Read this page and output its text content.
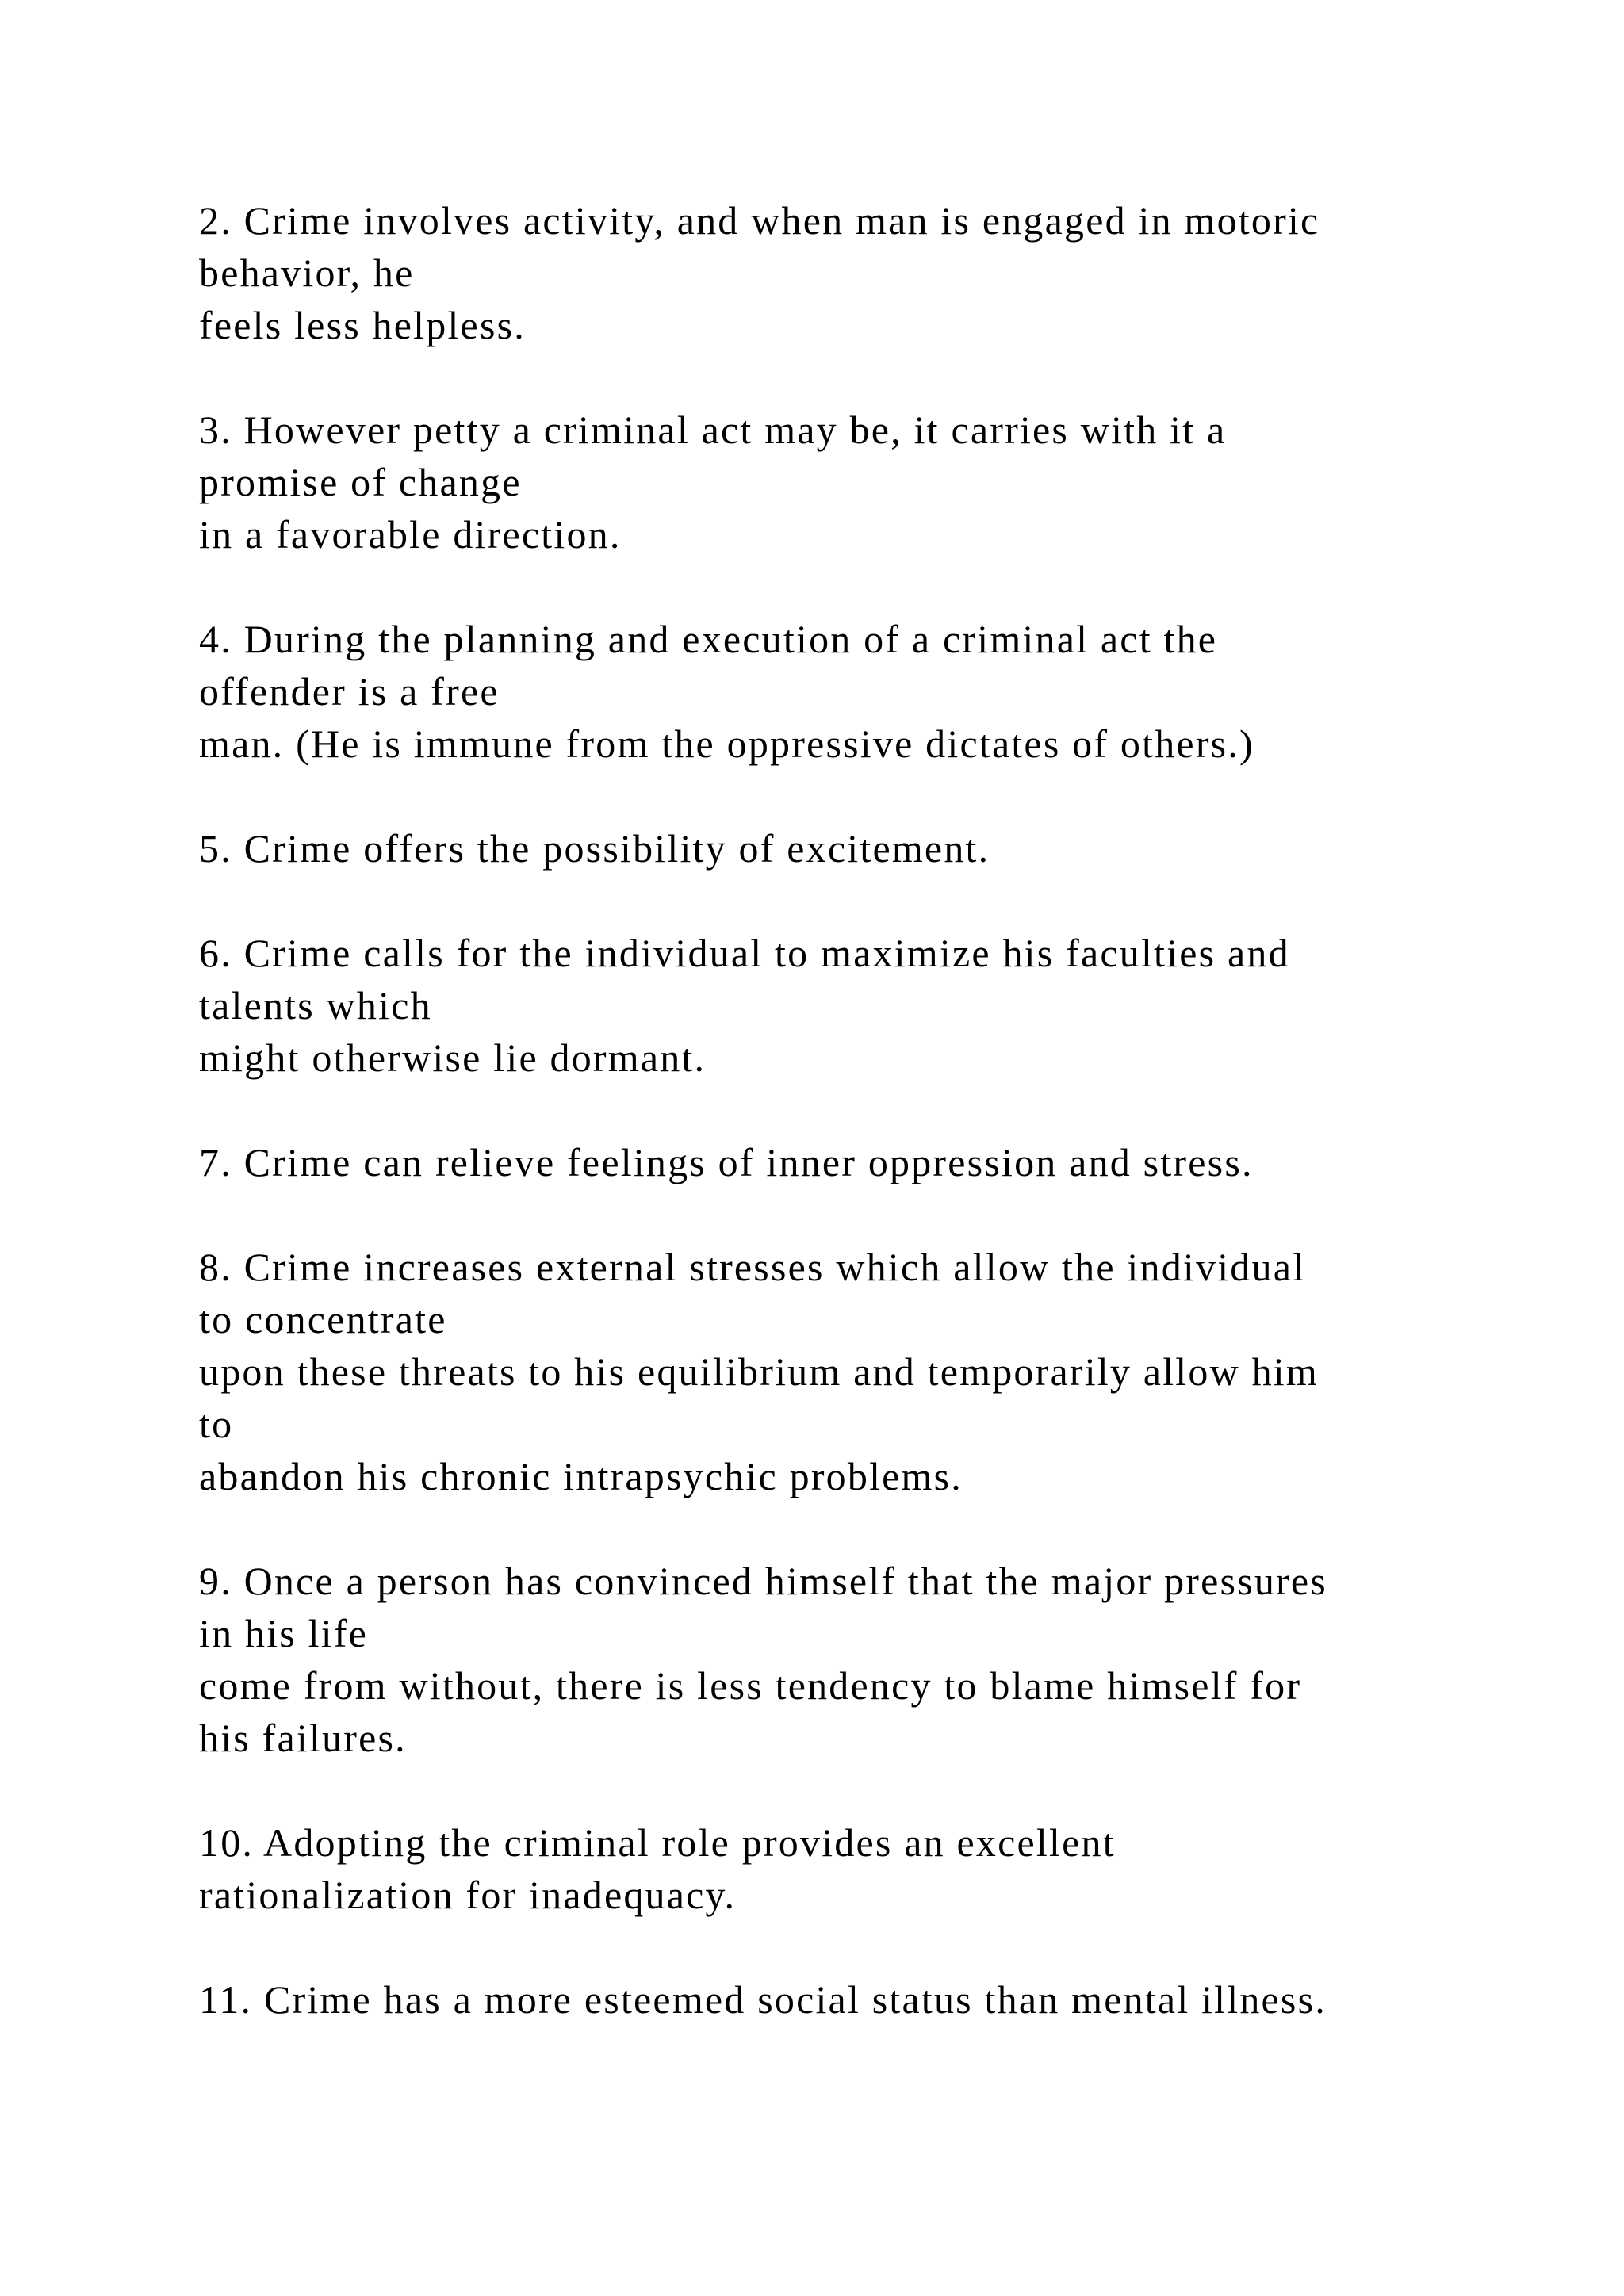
2. Crime involves activity, and when man is engaged in motoric
behavior, he
feels less helpless.
3. However petty a criminal act may be, it carries with it a
promise of change
in a favorable direction.
4. During the planning and execution of a criminal act the
offender is a free
man. (He is immune from the oppressive dictates of others.)
5. Crime offers the possibility of excitement.
6. Crime calls for the individual to maximize his faculties and
talents which
might otherwise lie dormant.
7. Crime can relieve feelings of inner oppression and stress.
8. Crime increases external stresses which allow the individual
to concentrate
upon these threats to his equilibrium and temporarily allow him
to
abandon his chronic intrapsychic problems.
9. Once a person has convinced himself that the major pressures
in his life
come from without, there is less tendency to blame himself for
his failures.
10. Adopting the criminal role provides an excellent
rationalization for inadequacy.
11. Crime has a more esteemed social status than mental illness.
